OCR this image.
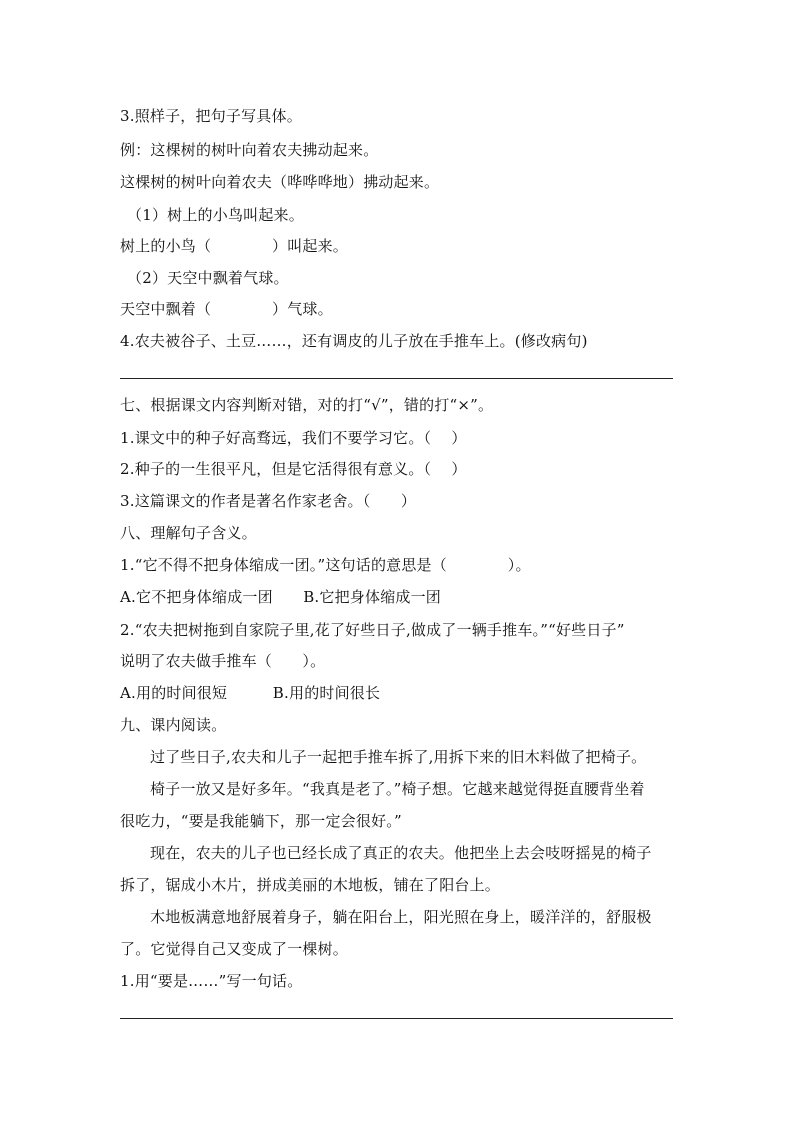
3.照样子，把句子写具体。
例：这棵树的树叶向着农夫拂动起来。
这棵树的树叶向着农夫（哗哗哗地）拂动起来。
（1）树上的小鸟叫起来。
树上的小鸟（　　　　）叫起来。
（2）天空中飘着气球。
天空中飘着（　　　　）气球。
4.农夫被谷子、土豆……，还有调皮的儿子放在手推车上。(修改病句)
七、根据课文内容判断对错，对的打“√”，错的打“×”。
1.课文中的种子好高骛远，我们不要学习它。（　 ）
2.种子的一生很平凡，但是它活得很有意义。（　 ）
3.这篇课文的作者是著名作家老舍。（　　）
八、理解句子含义。
1.“它不得不把身体缩成一团。”这句话的意思是（　　　　）。
A.它不把身体缩成一团　　B.它把身体缩成一团
2.“农夫把树拖到自家院子里,花了好些日子,做成了一辆手推车。”“好些日子”
说明了农夫做手推车（　　）。
A.用的时间很短　　　B.用的时间很长
九、课内阅读。
过了些日子,农夫和儿子一起把手推车拆了,用拆下来的旧木料做了把椅子。
椅子一放又是好多年。“我真是老了。”椅子想。它越来越觉得挺直腰背坐着
很吃力，“要是我能躺下，那一定会很好。”
现在，农夫的儿子也已经长成了真正的农夫。他把坐上去会吱呀摇晃的椅子
拆了，锯成小木片，拼成美丽的木地板，铺在了阳台上。
木地板满意地舒展着身子，躺在阳台上，阳光照在身上，暖洋洋的，舒服极
了。它觉得自己又变成了一棵树。
1.用“要是……”写一句话。
